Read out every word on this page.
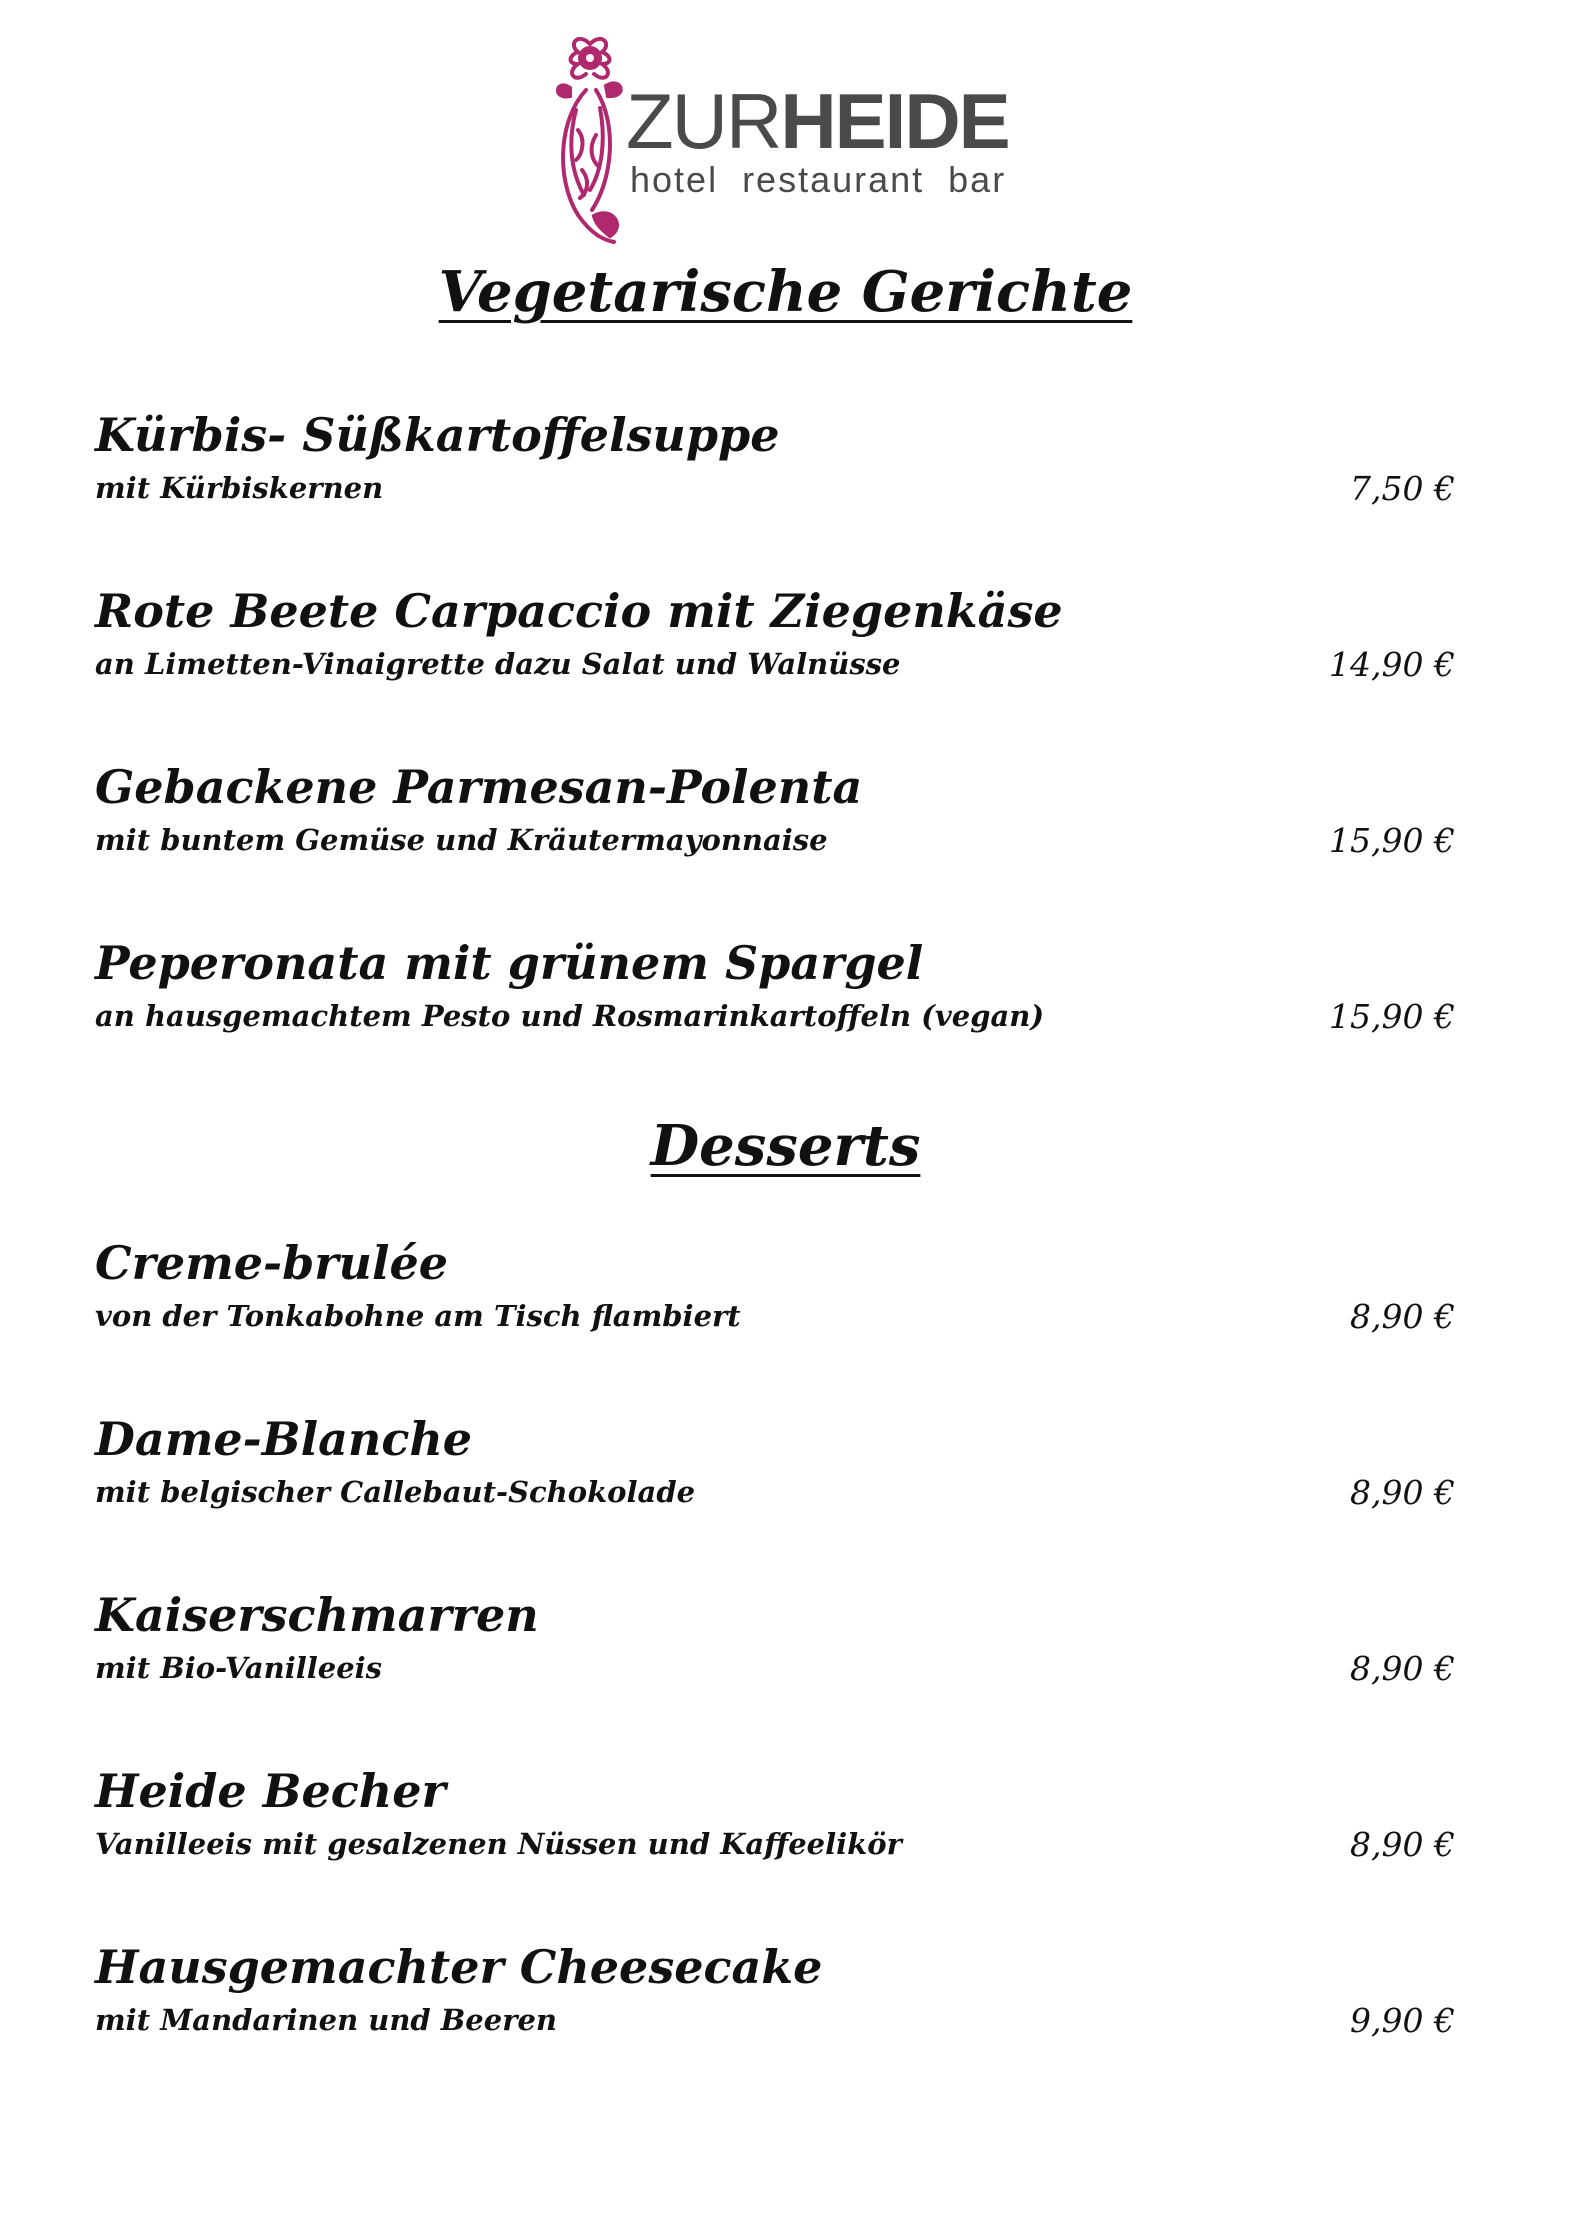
ZURHEIDE
hotel restaurant bar
Vegetarische Gerichte
Kürbis- Süßkartoffelsuppe
mit Kürbiskernen	7,50 €
Rote Beete Carpaccio mit Ziegenkäse
an Limetten-Vinaigrette dazu Salat und Walnüsse	14,90 €
Gebackene Parmesan-Polenta
mit buntem Gemüse und Kräutermayonnaise	15,90 €
Peperonata mit grünem Spargel
an hausgemachtem Pesto und Rosmarinkartoffeln (vegan)	15,90 €
Desserts
Creme-brulée
von der Tonkabohne am Tisch flambiert	8,90 €
Dame-Blanche
mit belgischer Callebaut-Schokolade	8,90 €
Kaiserschmarren
mit Bio-Vanilleeis	8,90 €
Heide Becher
Vanilleeis mit gesalzenen Nüssen und Kaffeelikör	8,90 €
Hausgemachter Cheesecake
mit Mandarinen und Beeren	9,90 €
